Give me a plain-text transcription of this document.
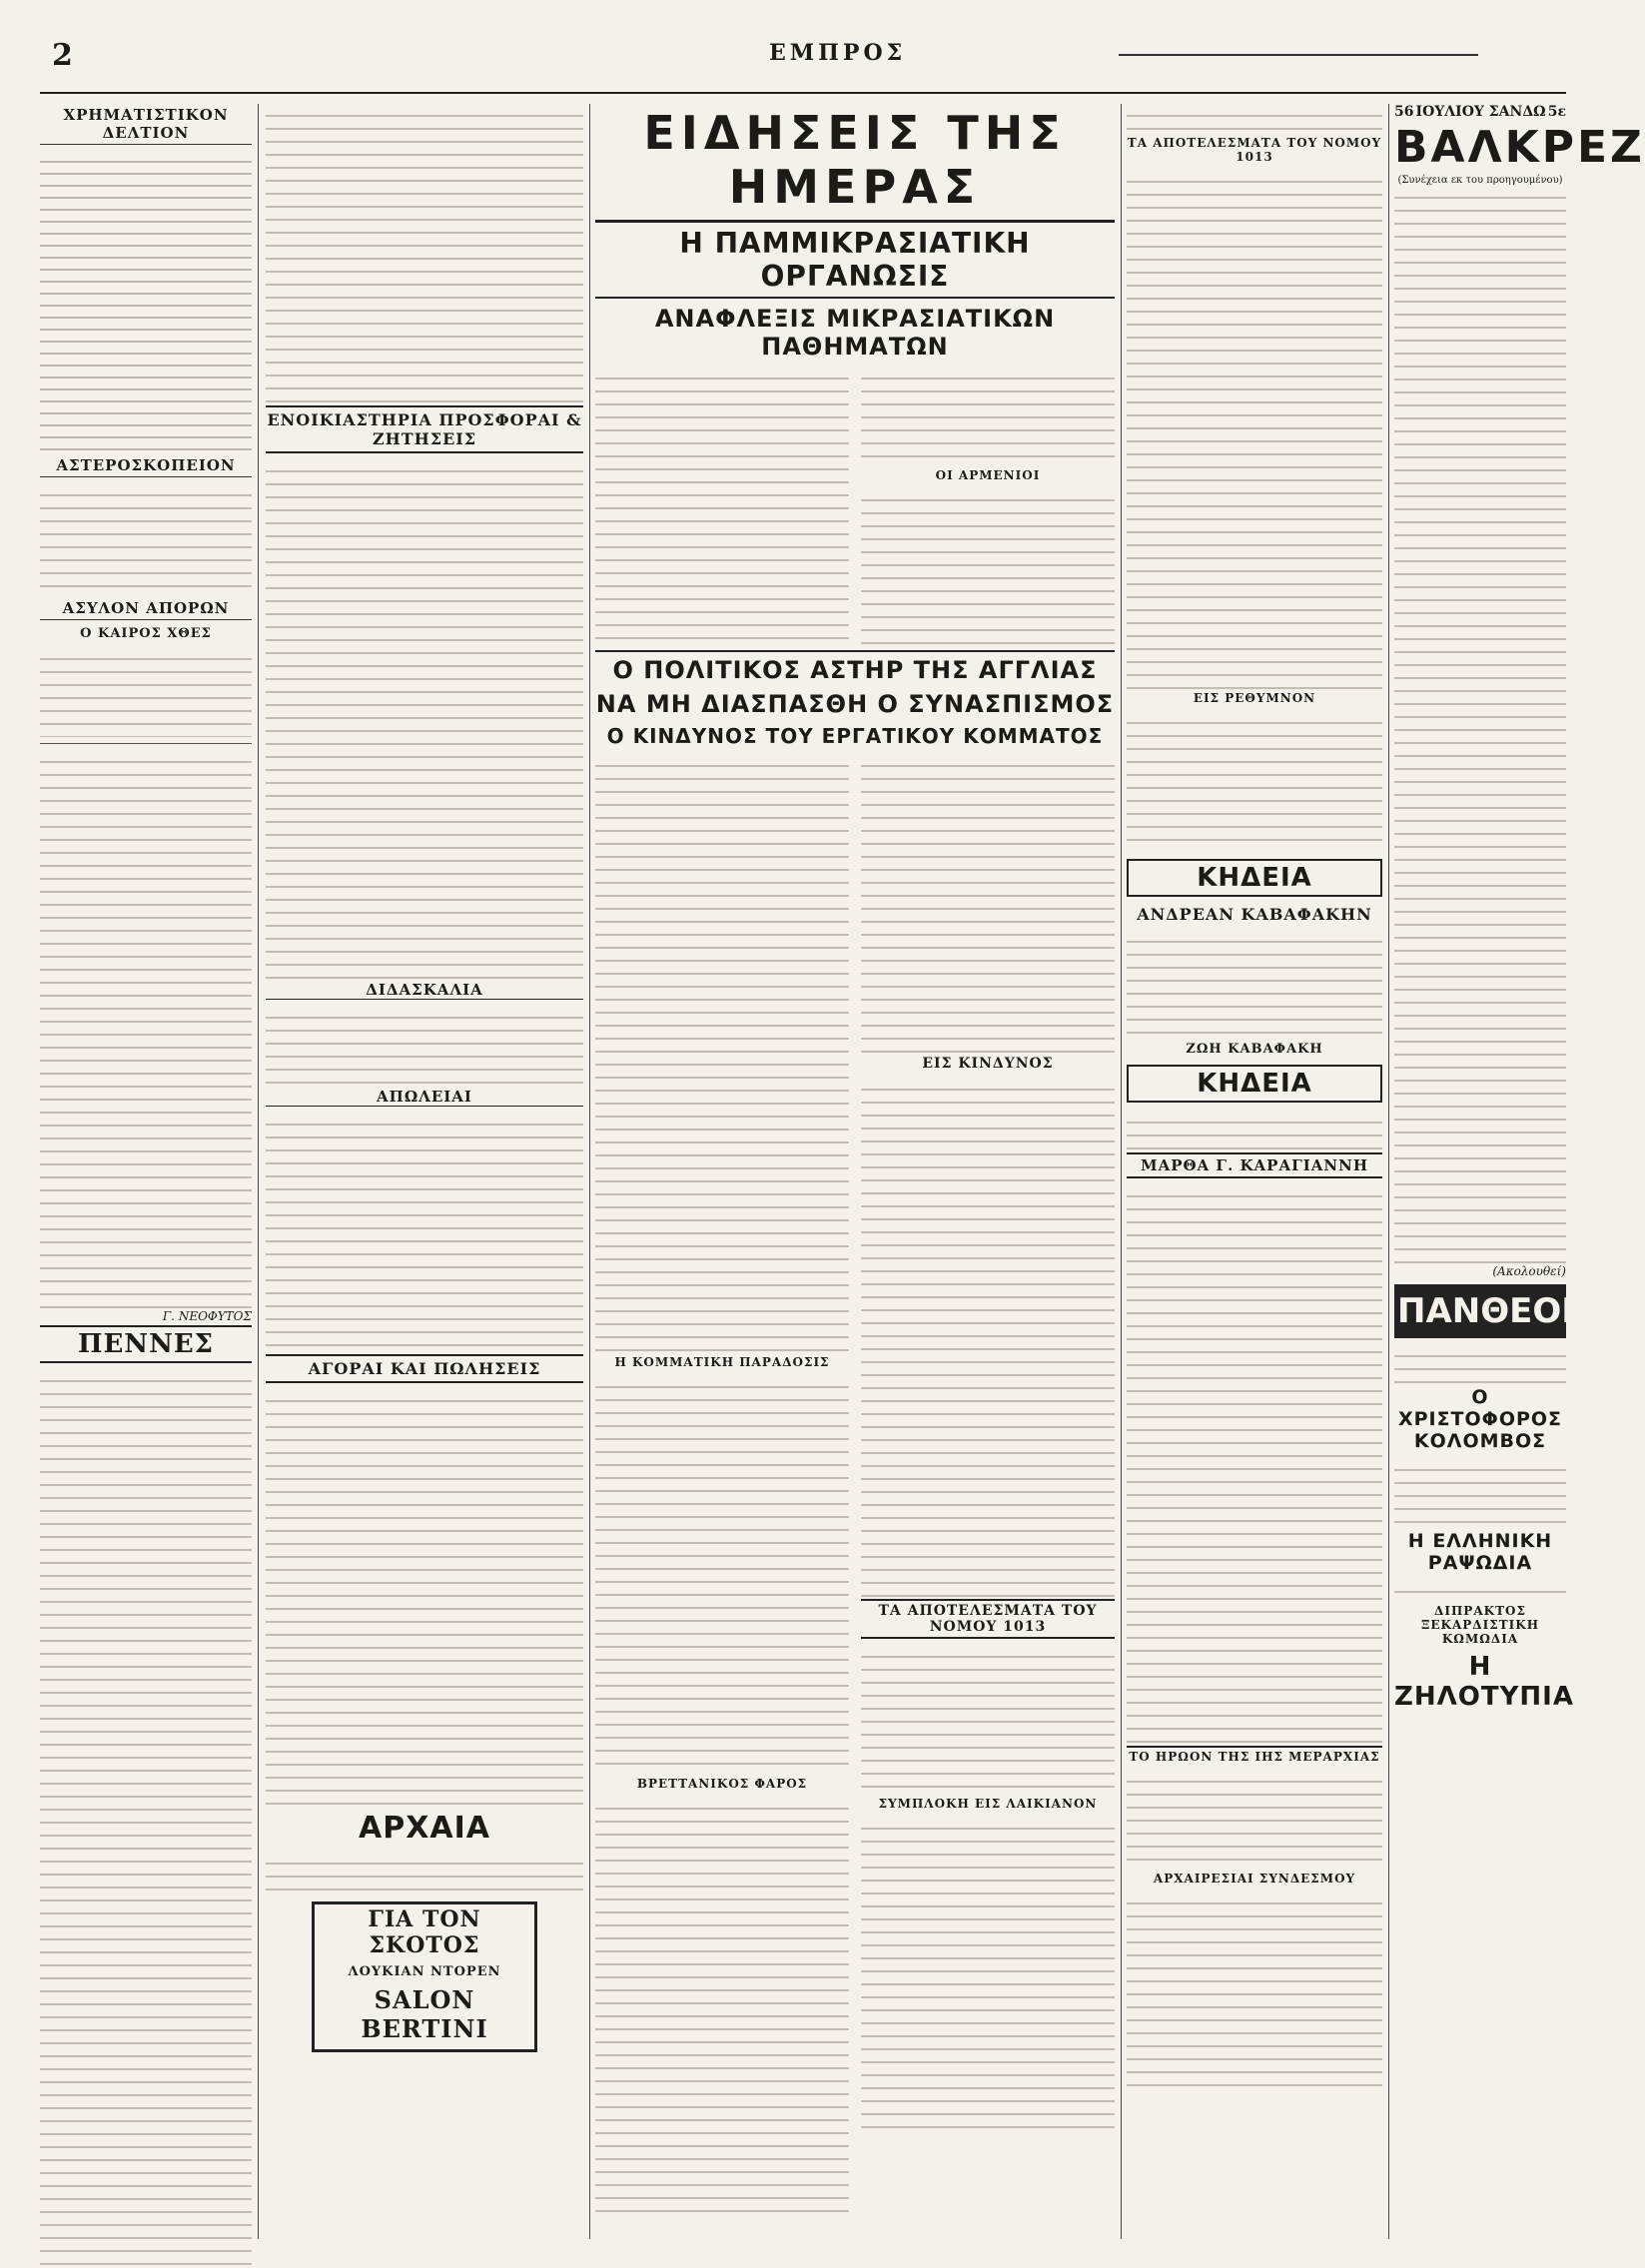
2	ΕΜΠΡΟΣ
ΧΡΗΜΑΤΙΣΤΙΚΟΝ ΔΕΛΤΙΟΝ
ΑΣΤΕΡΟΣΚΟΠΕΙΟΝ
ΑΣΥΛΟΝ ΑΠΟΡΩΝ
Ο ΚΑΙΡΟΣ ΧΘΕΣ
Γ. ΝΕΟΦΥΤΟΣ
ΠΕΝΝΕΣ
ΕΝΟΙΚΙΑΣΤΗΡΙΑ ΠΡΟΣΦΟΡΑΙ & ΖΗΤΗΣΕΙΣ
ΔΙΔΑΣΚΑΛΙΑ
ΑΠΩΛΕΙΑΙ
ΑΓΟΡΑΙ ΚΑΙ ΠΩΛΗΣΕΙΣ
ΑΡΧΑΙΑ
ΓΙΑ ΤΟΝ ΣΚΟΤΟΣ
ΛΟΥΚΙΑΝ ΝΤΟΡΕΝ
SALON BERTINI
ΕΙΔΗΣΕΙΣ ΤΗΣ ΗΜΕΡΑΣ
Η ΠΑΜΜΙΚΡΑΣΙΑΤΙΚΗ ΟΡΓΑΝΩΣΙΣ
ΑΝΑΦΛΕΞΙΣ ΜΙΚΡΑΣΙΑΤΙΚΩΝ ΠΑΘΗΜΑΤΩΝ
ΟΙ ΑΡΜΕΝΙΟΙ
Ο ΠΟΛΙΤΙΚΟΣ ΑΣΤΗΡ ΤΗΣ ΑΓΓΛΙΑΣ
ΝΑ ΜΗ ΔΙΑΣΠΑΣΘΗ Ο ΣΥΝΑΣΠΙΣΜΟΣ
Ο ΚΙΝΔΥΝΟΣ ΤΟΥ ΕΡΓΑΤΙΚΟΥ ΚΟΜΜΑΤΟΣ
Η ΚΟΜΜΑΤΙΚΗ ΠΑΡΑΔΟΣΙΣ
ΒΡΕΤΤΑΝΙΚΟΣ ΦΑΡΟΣ
ΕΙΣ ΚΙΝΔΥΝΟΣ
ΤΑ ΑΠΟΤΕΛΕΣΜΑΤΑ ΤΟΥ ΝΟΜΟΥ 1013
ΣΥΜΠΛΟΚΗ ΕΙΣ ΛΑΙΚΙΑΝΟΝ
ΤΑ ΑΠΟΤΕΛΕΣΜΑΤΑ ΤΟΥ ΝΟΜΟΥ 1013
ΕΙΣ ΡΕΘΥΜΝΟΝ
ΚΗΔΕΙΑ
ΑΝΔΡΕΑΝ ΚΑΒΑΦΑΚΗΝ
ΖΩΗ ΚΑΒΑΦΑΚΗ
ΚΗΔΕΙΑ
ΜΑΡΘΑ Γ. ΚΑΡΑΓΙΑΝΝΗ
ΤΟ ΗΡΩΟΝ ΤΗΣ ΙΗΣ ΜΕΡΑΡΧΙΑΣ
ΑΡΧΑΙΡΕΣΙΑΙ ΣΥΝΔΕΣΜΟΥ
56 ΙΟΥΛΙΟΥ ΣΑΝΔΩ 5ε
ΒΑΛΚΡΕΖ
(Συνέχεια εκ του προηγουμένου)
(Ακολουθεί)
ΠΑΝΘΕΟΝ
Ο ΧΡΙΣΤΟΦΟΡΟΣ ΚΟΛΟΜΒΟΣ
Η ΕΛΛΗΝΙΚΗ ΡΑΨΩΔΙΑ
ΔΙΠΡΑΚΤΟΣ ΞΕΚΑΡΔΙΣΤΙΚΗ ΚΩΜΩΔΙΑ
Η ΖΗΛΟΤΥΠΙΑ
